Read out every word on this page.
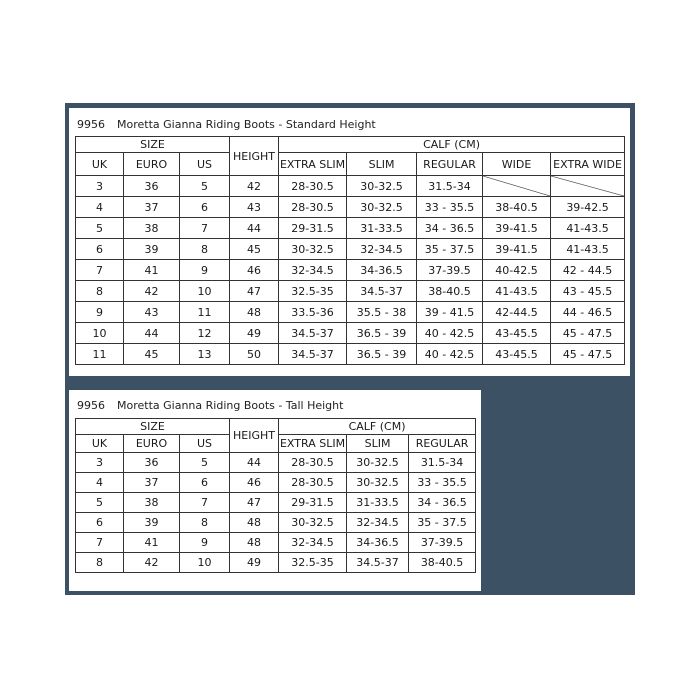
9956 Moretta Gianna Riding Boots - Standard Height
SIZE			HEIGHT	CALF (CM)				
UK	EURO	US		EXTRA SLIM	SLIM	REGULAR	WIDE	EXTRA WIDE
3	36	5	42	28-30.5	30-32.5	31.5-34		
4	37	6	43	28-30.5	30-32.5	33 - 35.5	38-40.5	39-42.5
5	38	7	44	29-31.5	31-33.5	34 - 36.5	39-41.5	41-43.5
6	39	8	45	30-32.5	32-34.5	35 - 37.5	39-41.5	41-43.5
7	41	9	46	32-34.5	34-36.5	37-39.5	40-42.5	42 - 44.5
8	42	10	47	32.5-35	34.5-37	38-40.5	41-43.5	43 - 45.5
9	43	11	48	33.5-36	35.5 - 38	39 - 41.5	42-44.5	44 - 46.5
10	44	12	49	34.5-37	36.5 - 39	40 - 42.5	43-45.5	45 - 47.5
11	45	13	50	34.5-37	36.5 - 39	40 - 42.5	43-45.5	45 - 47.5
9956 Moretta Gianna Riding Boots - Tall Height
SIZE			HEIGHT	CALF (CM)		
UK	EURO	US		EXTRA SLIM	SLIM	REGULAR
3	36	5	44	28-30.5	30-32.5	31.5-34
4	37	6	46	28-30.5	30-32.5	33 - 35.5
5	38	7	47	29-31.5	31-33.5	34 - 36.5
6	39	8	48	30-32.5	32-34.5	35 - 37.5
7	41	9	48	32-34.5	34-36.5	37-39.5
8	42	10	49	32.5-35	34.5-37	38-40.5
